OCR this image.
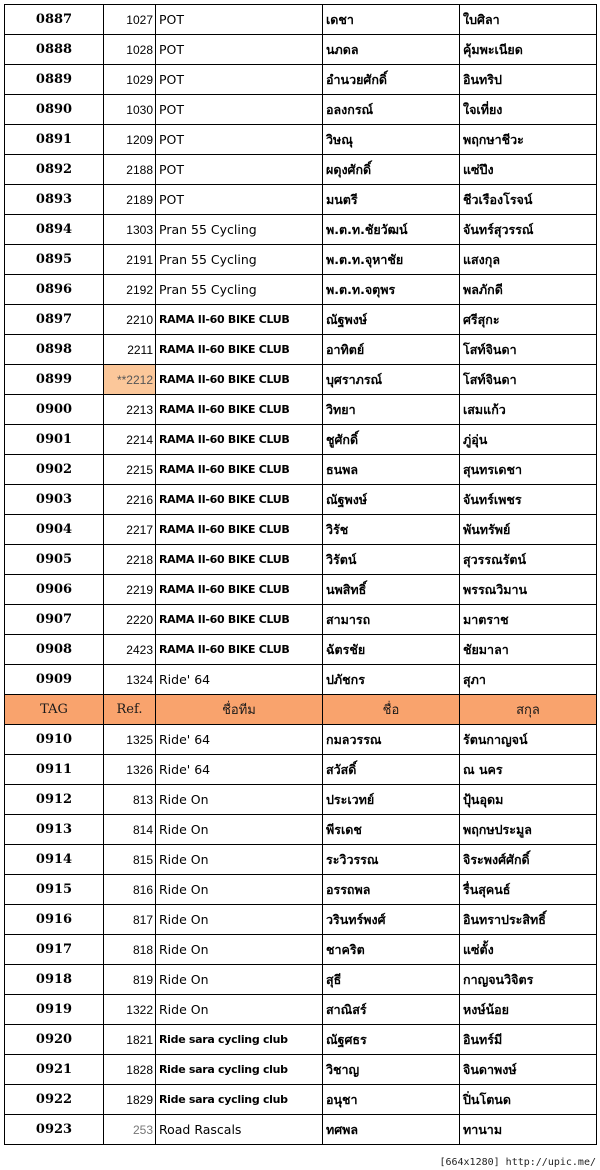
0887	1027	POT	เดชา	ใบศิลา
0888	1028	POT	นภดล	คุ้มพะเนียด
0889	1029	POT	อำนวยศักดิ์	อินทริป
0890	1030	POT	อลงกรณ์	ใจเที่ยง
0891	1209	POT	วิษณุ	พฤกษาชีวะ
0892	2188	POT	ผดุงศักดิ์	แซ่ปึง
0893	2189	POT	มนตรี	ชีวเรืองโรจน์
0894	1303	Pran 55 Cycling	พ.ต.ท.ชัยวัฒน์	จันทร์สุวรรณ์
0895	2191	Pran 55 Cycling	พ.ต.ท.จุหาชัย	แสงกุล
0896	2192	Pran 55 Cycling	พ.ต.ท.จตุพร	พลภักดี
0897	2210	RAMA II-60 BIKE CLUB	ณัฐพงษ์	ศรีสุกะ
0898	2211	RAMA II-60 BIKE CLUB	อาทิตย์	โสท์จินดา
0899	**2212	RAMA II-60 BIKE CLUB	บุศราภรณ์	โสท์จินดา
0900	2213	RAMA II-60 BIKE CLUB	วิทยา	เสมแก้ว
0901	2214	RAMA II-60 BIKE CLUB	ชูศักดิ์	ภู่อุ่น
0902	2215	RAMA II-60 BIKE CLUB	ธนพล	สุนทรเดชา
0903	2216	RAMA II-60 BIKE CLUB	ณัฐพงษ์	จันทร์เพชร
0904	2217	RAMA II-60 BIKE CLUB	วิรัช	พันทรัพย์
0905	2218	RAMA II-60 BIKE CLUB	วิรัตน์	สุวรรณรัตน์
0906	2219	RAMA II-60 BIKE CLUB	นพสิทธิ์	พรรณวิมาน
0907	2220	RAMA II-60 BIKE CLUB	สามารถ	มาตราช
0908	2423	RAMA II-60 BIKE CLUB	ฉัตรชัย	ชัยมาลา
0909	1324	Ride' 64	ปภัชกร	สุภา
TAG	Ref.	ชื่อทีม	ชื่อ	สกุล
0910	1325	Ride' 64	กมลวรรณ	รัตนกาญจน์
0911	1326	Ride' 64	สวัสดิ์	ณ นคร
0912	813	Ride On	ประเวทย์	ปุ้นอุดม
0913	814	Ride On	พีรเดช	พฤกษประมูล
0914	815	Ride On	ระวิวรรณ	จิระพงศ์ศักดิ์
0915	816	Ride On	อรรถพล	รื่นสุคนธ์
0916	817	Ride On	วรินทร์พงศ์	อินทราประสิทธิ์
0917	818	Ride On	ชาคริต	แซ่ตั้ง
0918	819	Ride On	สุธี	กาญจนวิจิตร
0919	1322	Ride On	สาณิสร์	หงษ์น้อย
0920	1821	Ride sara cycling club	ณัฐศธร	อินทร์มี
0921	1828	Ride sara cycling club	วิชาญ	จินดาพงษ์
0922	1829	Ride sara cycling club	อนุชา	ปิ่นโตนด
0923	253	Road Rascals	ทศพล	ทานาม
[664x1280] http://upic.me/
